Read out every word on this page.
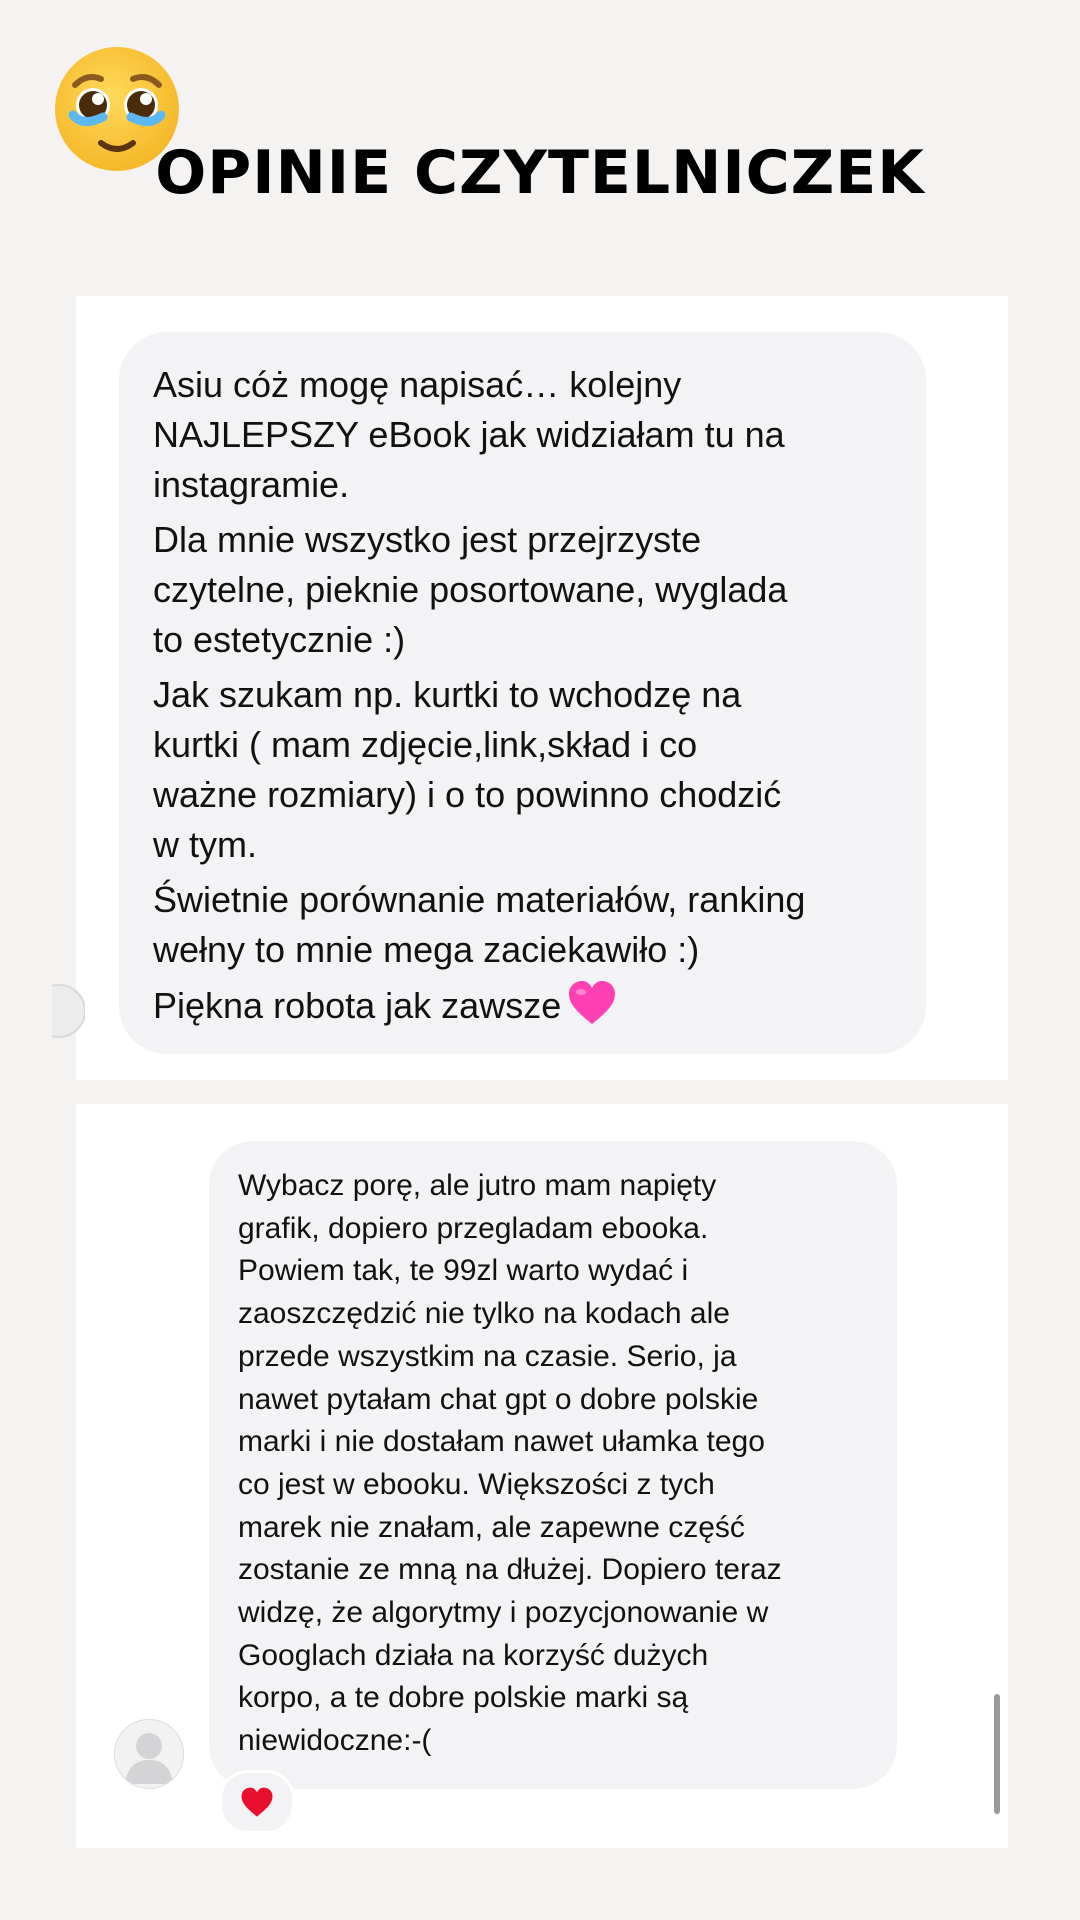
OPINIE CZYTELNICZEK
Asiu cóż mogę napisać… kolejny
NAJLEPSZY eBook jak widziałam tu na
instagramie.
Dla mnie wszystko jest przejrzyste
czytelne, pieknie posortowane, wyglada
to estetycznie :)
Jak szukam np. kurtki to wchodzę na
kurtki ( mam zdjęcie,link,skład i co
ważne rozmiary) i o to powinno chodzić
w tym.
Świetnie porównanie materiałów, ranking
wełny to mnie mega zaciekawiło :)
Piękna robota jak zawsze
Wybacz porę, ale jutro mam napięty
grafik, dopiero przegladam ebooka.
Powiem tak, te 99zl warto wydać i
zaoszczędzić nie tylko na kodach ale
przede wszystkim na czasie. Serio, ja
nawet pytałam chat gpt o dobre polskie
marki i nie dostałam nawet ułamka tego
co jest w ebooku. Większości z tych
marek nie znałam, ale zapewne część
zostanie ze mną na dłużej. Dopiero teraz
widzę, że algorytmy i pozycjonowanie w
Googlach działa na korzyść dużych
korpo, a te dobre polskie marki są
niewidoczne:-(
